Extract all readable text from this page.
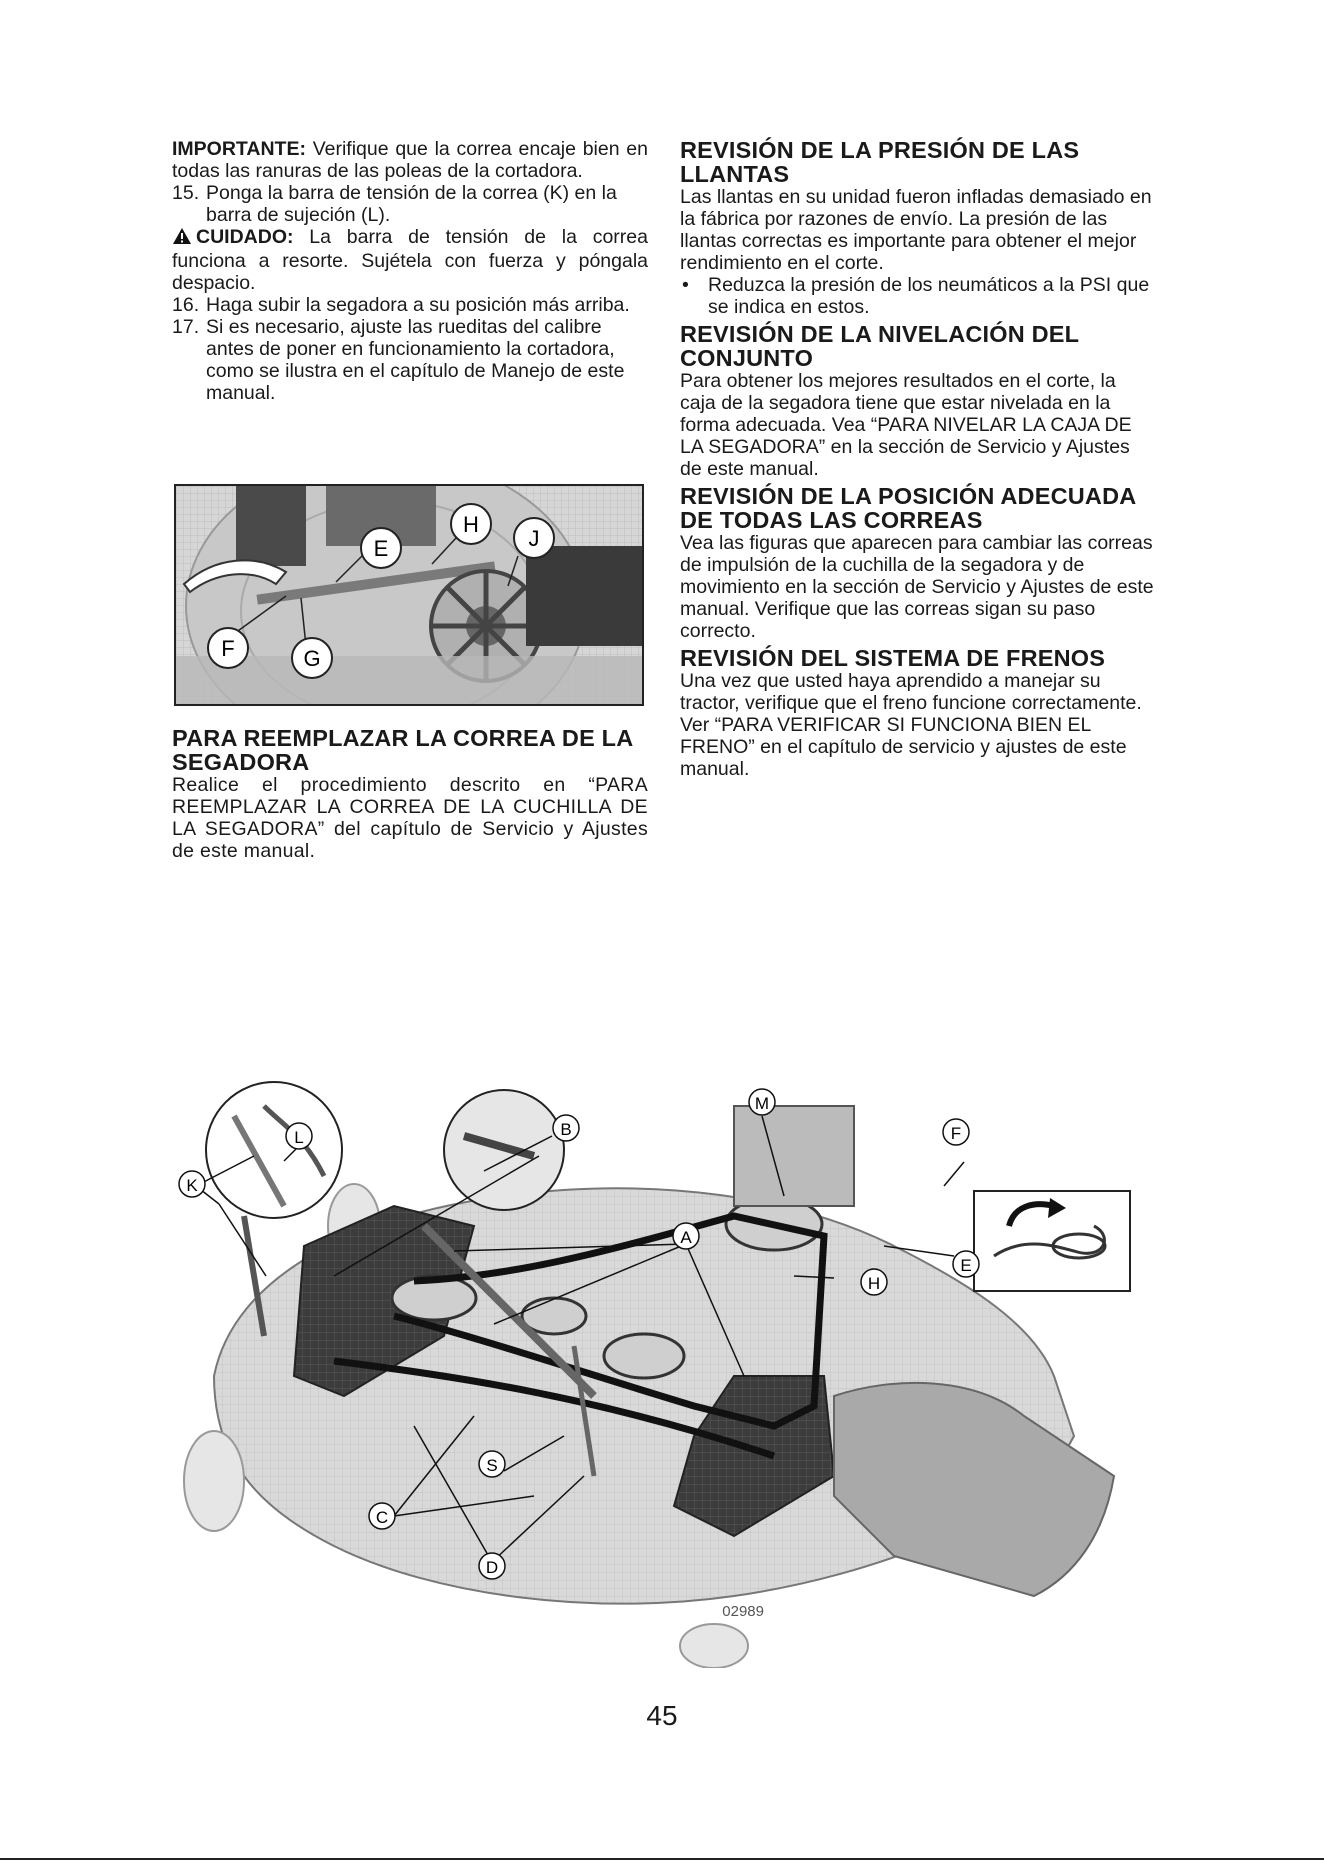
IMPORTANTE: Verifique que la correa encaje bien en todas las ranuras de las poleas de la cortadora.

15. Ponga la barra de tensión de la correa (K) en la barra de sujeción (L).

CUIDADO: La barra de tensión de la correa funciona a resorte. Sujétela con fuerza y póngala despacio.

16. Haga subir la segadora a su posición más arriba.
17. Si es necesario, ajuste las rueditas del calibre antes de poner en funcionamiento la cortadora, como se ilustra en el capítulo de Manejo de este manual.
E
H
J
F	G
PARA REEMPLAZAR LA CORREA DE LA SEGADORA

Realice el procedimiento descrito en “PARA REEMPLAZAR LA CORREA DE LA CUCHILLA DE LA SEGADORA” del capítulo de Servicio y Ajustes de este manual.

REVISIÓN DE LA PRESIÓN DE LAS LLANTAS

Las llantas en su unidad fueron infladas demasiado en la fábrica por razones de envío. La presión de las llantas correctas es importante para obtener el mejor rendimiento en el corte.

• Reduzca la presión de los neumáticos a la PSI que se indica en estos.
REVISIÓN DE LA NIVELACIÓN DEL CONJUNTO

Para obtener los mejores resultados en el corte, la caja de la segadora tiene que estar nivelada en la forma adecuada. Vea “PARA NIVELAR LA CAJA DE LA SEGADORA” en la sección de Servicio y Ajustes de este manual.

REVISIÓN DE LA POSICIÓN ADECUADA DE TODAS LAS CORREAS

Vea las figuras que aparecen para cambiar las correas de impulsión de la cuchilla de la segadora y de movimiento en la sección de Servicio y Ajustes de este manual. Verifique que las correas sigan su paso correcto.

REVISIÓN DEL SISTEMA DE FRENOS

Una vez que usted haya aprendido a manejar su tractor, verifique que el freno funcione correctamente. Ver “PARA VERIFICAR SI FUNCIONA BIEN EL FRENO” en el capítulo de servicio y ajustes de este manual.

K
L	B
A
M
F
E
H
C
S
D
02989
45
